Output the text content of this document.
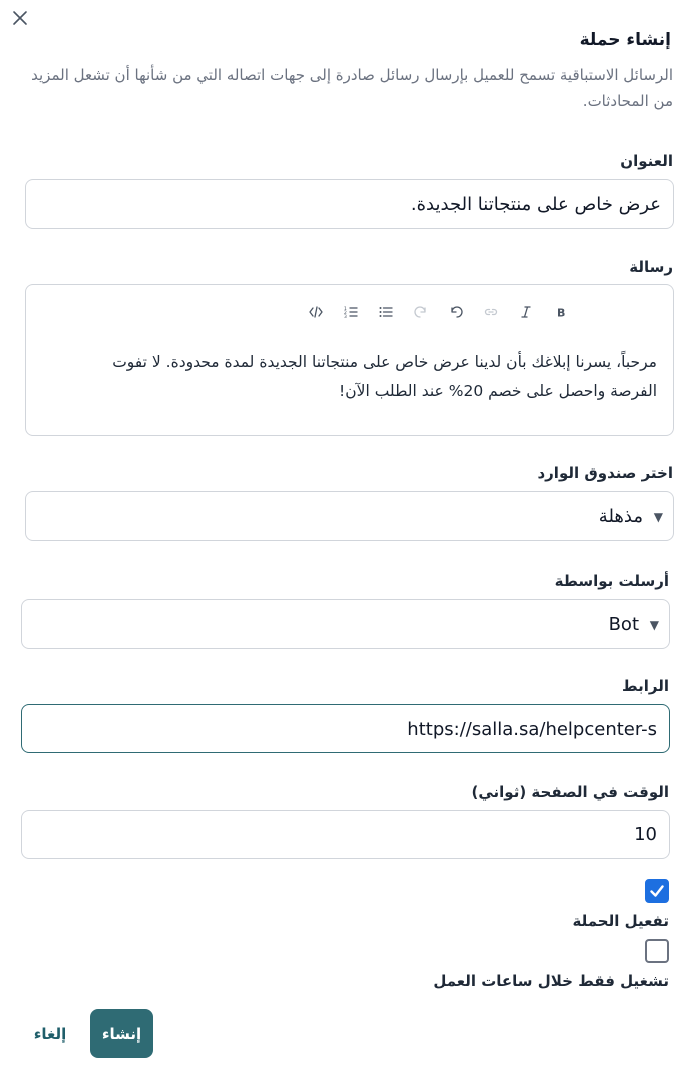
إنشاء حملة
الرسائل الاستباقية تسمح للعميل بإرسال رسائل صادرة إلى جهات اتصاله التي من شأنها أن تشعل المزيد من المحادثات.
العنوان
عرض خاص على منتجاتنا الجديدة.
رسالة
1
2
3	B
مرحباً، يسرنا إبلاغك بأن لدينا عرض خاص على منتجاتنا الجديدة لمدة محدودة. لا تفوت الفرصة واحصل على خصم 20% عند الطلب الآن!
اختر صندوق الوارد
▼
مذهلة
أرسلت بواسطة
▼
Bot
الرابط
https://salla.sa/helpcenter-s
الوقت في الصفحة (ثواني)
10
تفعيل الحملة
تشغيل فقط خلال ساعات العمل
إنشاء
إلغاء
